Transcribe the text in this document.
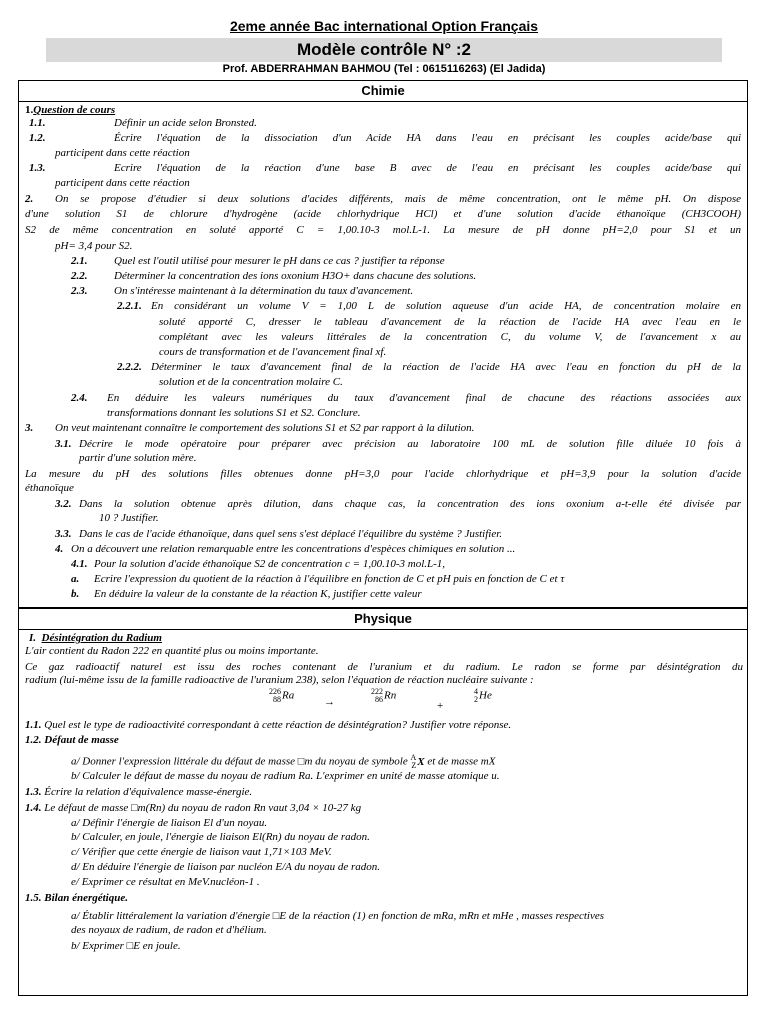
2eme année Bac international Option Français
Modèle contrôle N° :2
Prof. ABDERRAHMAN BAHMOU (Tel : 0615116263) (El Jadida)
Chimie
1.Question de cours
1.1.	Définir un acide selon Bronsted.
1.2.	Écrire l'équation de la dissociation d'un Acide HA dans l'eau en précisant les couples acide/base qui
participent dans cette réaction
1.3.	Ecrire l'équation de la réaction d'une base B avec de l'eau en précisant les couples acide/base qui
participent dans cette réaction
2. On se propose d'étudier si deux solutions d'acides différents, mais de même concentration, ont le même pH. On dispose
d'une solution S1 de chlorure d'hydrogène (acide chlorhydrique HCl) et d'une solution d'acide éthanoïque (CH3COOH)
S2 de même concentration en soluté apporté C = 1,00.10-3 mol.L-1. La mesure de pH donne pH=2,0 pour S1 et un
pH= 3,4 pour S2.
2.1. Quel est l'outil utilisé pour mesurer le pH dans ce cas ? justifier ta réponse
2.2. Déterminer la concentration des ions oxonium H3O+ dans chacune des solutions.
2.3. On s'intéresse maintenant à la détermination du taux d'avancement.
2.2.1. En considérant un volume V = 1,00 L de solution aqueuse d'un acide HA, de concentration molaire en
soluté apporté C, dresser le tableau d'avancement de la réaction de l'acide HA avec l'eau en le
complétant avec les valeurs littérales de la concentration C, du volume V, de l'avancement x au
cours de transformation et de l'avancement final xf.
2.2.2. Déterminer le taux d'avancement final de la réaction de l'acide HA avec l'eau en fonction du pH de la
solution et de la concentration molaire C.
2.4. En déduire les valeurs numériques du taux d'avancement final de chacune des réactions associées aux
transformations donnant les solutions S1 et S2. Conclure.
3. On veut maintenant connaître le comportement des solutions S1 et S2 par rapport à la dilution.
3.1. Décrire le mode opératoire pour préparer avec précision au laboratoire 100 mL de solution fille diluée 10 fois à
partir d'une solution mère.
La mesure du pH des solutions filles obtenues donne pH=3,0 pour l'acide chlorhydrique et pH=3,9 pour la solution d'acide
éthanoïque
3.2. Dans la solution obtenue après dilution, dans chaque cas, la concentration des ions oxonium a-t-elle été divisée par
10 ? Justifier.
3.3. Dans le cas de l'acide éthanoïque, dans quel sens s'est déplacé l'équilibre du système ? Justifier.
4. On a découvert une relation remarquable entre les concentrations d'espèces chimiques en solution ...
4.1. Pour la solution d'acide éthanoïque S2 de concentration c = 1,00.10-3 mol.L-1,
a. Ecrire l'expression du quotient de la réaction à l'équilibre en fonction de C et pH puis en fonction de C et τ
b. En déduire la valeur de la constante de la réaction K, justifier cette valeur
Physique
I. Désintégration du Radium
L'air contient du Radon 222 en quantité plus ou moins importante.
Ce gaz radioactif naturel est issu des roches contenant de l'uranium et du radium. Le radon se forme par désintégration du
radium (lui-même issu de la famille radioactive de l'uranium 238), selon l'équation de réaction nucléaire suivante :
226
88Ra
→
222
86Rn
+
4
2He
1.1. Quel est le type de radioactivité correspondant à cette réaction de désintégration? Justifier votre réponse.
1.2. Défaut de masse
a/ Donner l'expression littérale du défaut de masse □m du noyau de symbole A
ZX et de masse mX
b/ Calculer le défaut de masse du noyau de radium Ra. L'exprimer en unité de masse atomique u.
1.3. Écrire la relation d'équivalence masse-énergie.
1.4. Le défaut de masse □m(Rn) du noyau de radon Rn vaut 3,04 × 10-27 kg
a/ Définir l'énergie de liaison El d'un noyau.
b/ Calculer, en joule, l'énergie de liaison El(Rn) du noyau de radon.
c/ Vérifier que cette énergie de liaison vaut 1,71×103 MeV.
d/ En déduire l'énergie de liaison par nucléon E/A du noyau de radon.
e/ Exprimer ce résultat en MeV.nucléon-1 .
1.5. Bilan énergétique.
a/ Établir littéralement la variation d'énergie □E de la réaction (1) en fonction de mRa, mRn et mHe , masses respectives
des noyaux de radium, de radon et d'hélium.
b/ Exprimer □E en joule.
